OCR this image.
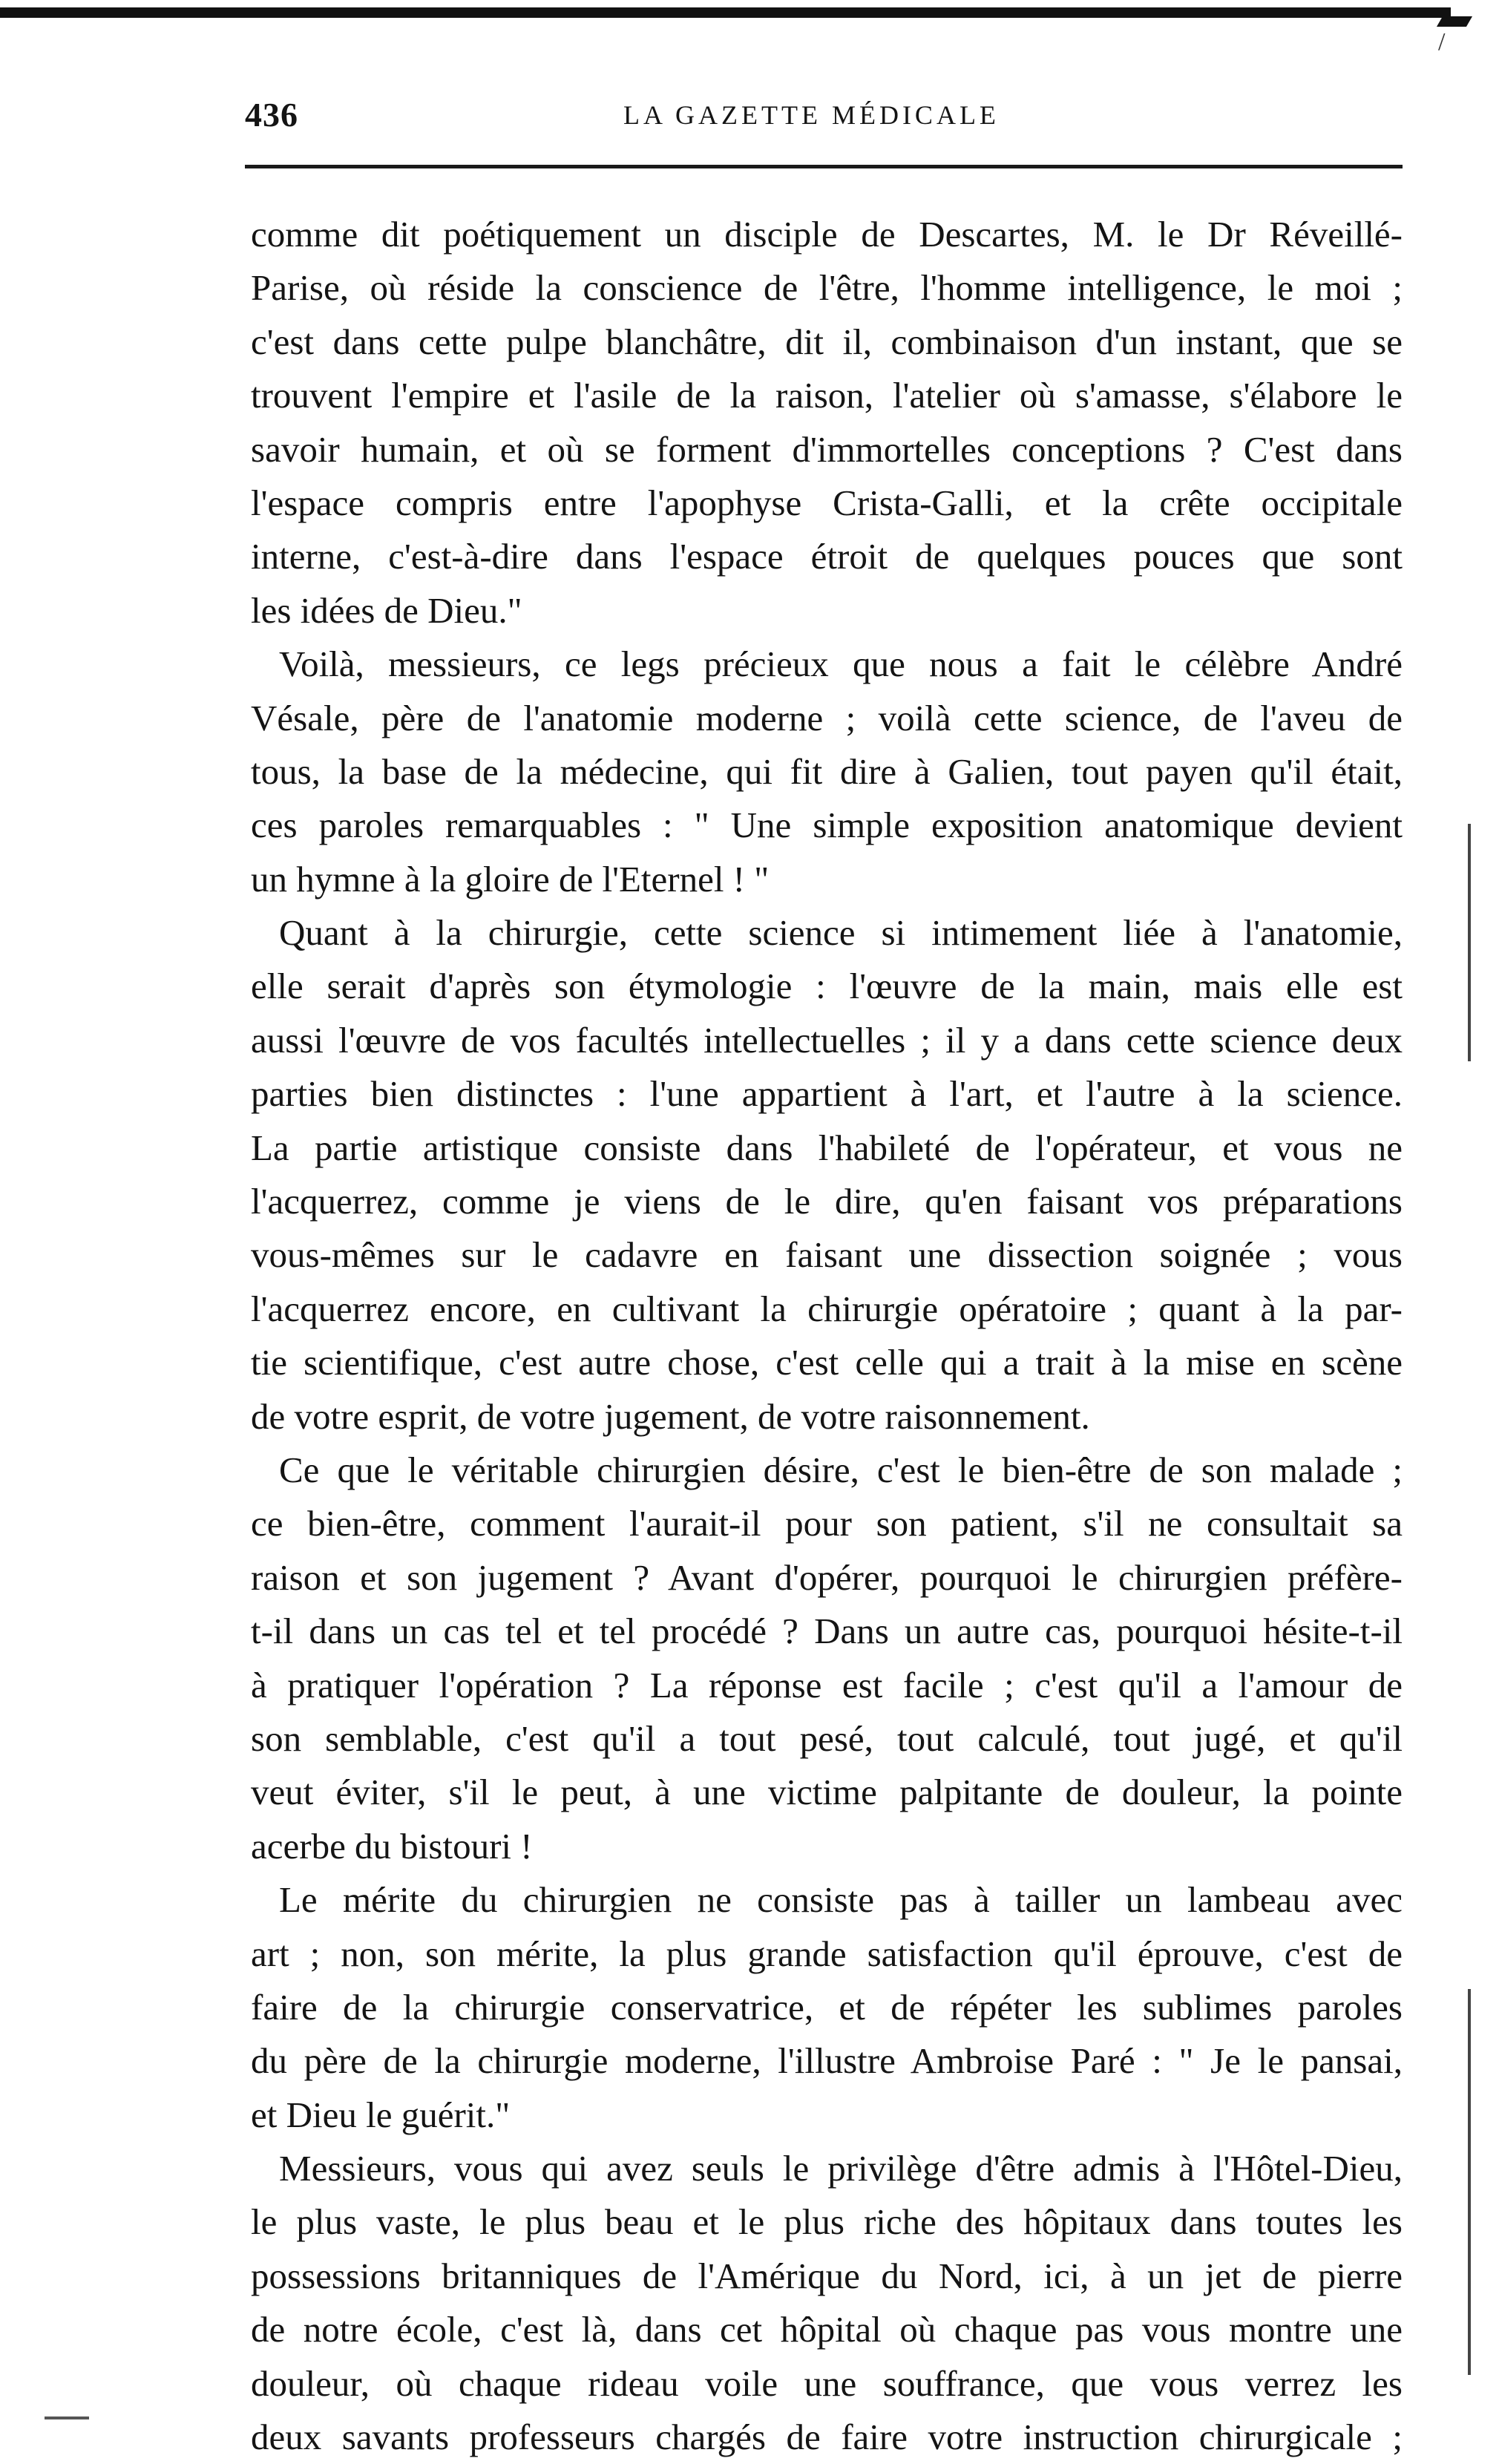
/
436	LA GAZETTE MÉDICALE
comme dit poétiquement un disciple de Descartes, M. le Dr Réveillé-
Parise, où réside la conscience de l'être, l'homme intelligence, le moi ;
c'est dans cette pulpe blanchâtre, dit il, combinaison d'un instant, que se
trouvent l'empire et l'asile de la raison, l'atelier où s'amasse, s'élabore le
savoir humain, et où se forment d'immortelles conceptions ? C'est dans
l'espace compris entre l'apophyse Crista-Galli, et la crête occipitale
interne, c'est-à-dire dans l'espace étroit de quelques pouces que sont
les idées de Dieu."
Voilà, messieurs, ce legs précieux que nous a fait le célèbre André
Vésale, père de l'anatomie moderne ; voilà cette science, de l'aveu de
tous, la base de la médecine, qui fit dire à Galien, tout payen qu'il était,
ces paroles remarquables : " Une simple exposition anatomique devient
un hymne à la gloire de l'Eternel ! "
Quant à la chirurgie, cette science si intimement liée à l'anatomie,
elle serait d'après son étymologie : l'œuvre de la main, mais elle est
aussi l'œuvre de vos facultés intellectuelles ; il y a dans cette science deux
parties bien distinctes : l'une appartient à l'art, et l'autre à la science.
La partie artistique consiste dans l'habileté de l'opérateur, et vous ne
l'acquerrez, comme je viens de le dire, qu'en faisant vos préparations
vous-mêmes sur le cadavre en faisant une dissection soignée ; vous
l'acquerrez encore, en cultivant la chirurgie opératoire ; quant à la par-
tie scientifique, c'est autre chose, c'est celle qui a trait à la mise en scène
de votre esprit, de votre jugement, de votre raisonnement.
Ce que le véritable chirurgien désire, c'est le bien-être de son malade ;
ce bien-être, comment l'aurait-il pour son patient, s'il ne consultait sa
raison et son jugement ? Avant d'opérer, pourquoi le chirurgien préfère-
t-il dans un cas tel et tel procédé ? Dans un autre cas, pourquoi hésite-t-il
à pratiquer l'opération ? La réponse est facile ; c'est qu'il a l'amour de
son semblable, c'est qu'il a tout pesé, tout calculé, tout jugé, et qu'il
veut éviter, s'il le peut, à une victime palpitante de douleur, la pointe
acerbe du bistouri !
Le mérite du chirurgien ne consiste pas à tailler un lambeau avec
art ; non, son mérite, la plus grande satisfaction qu'il éprouve, c'est de
faire de la chirurgie conservatrice, et de répéter les sublimes paroles
du père de la chirurgie moderne, l'illustre Ambroise Paré : " Je le pansai,
et Dieu le guérit."
Messieurs, vous qui avez seuls le privilège d'être admis à l'Hôtel-Dieu,
le plus vaste, le plus beau et le plus riche des hôpitaux dans toutes les
possessions britanniques de l'Amérique du Nord, ici, à un jet de pierre
de notre école, c'est là, dans cet hôpital où chaque pas vous montre une
douleur, où chaque rideau voile une souffrance, que vous verrez les
deux savants professeurs chargés de faire votre instruction chirurgicale ;
